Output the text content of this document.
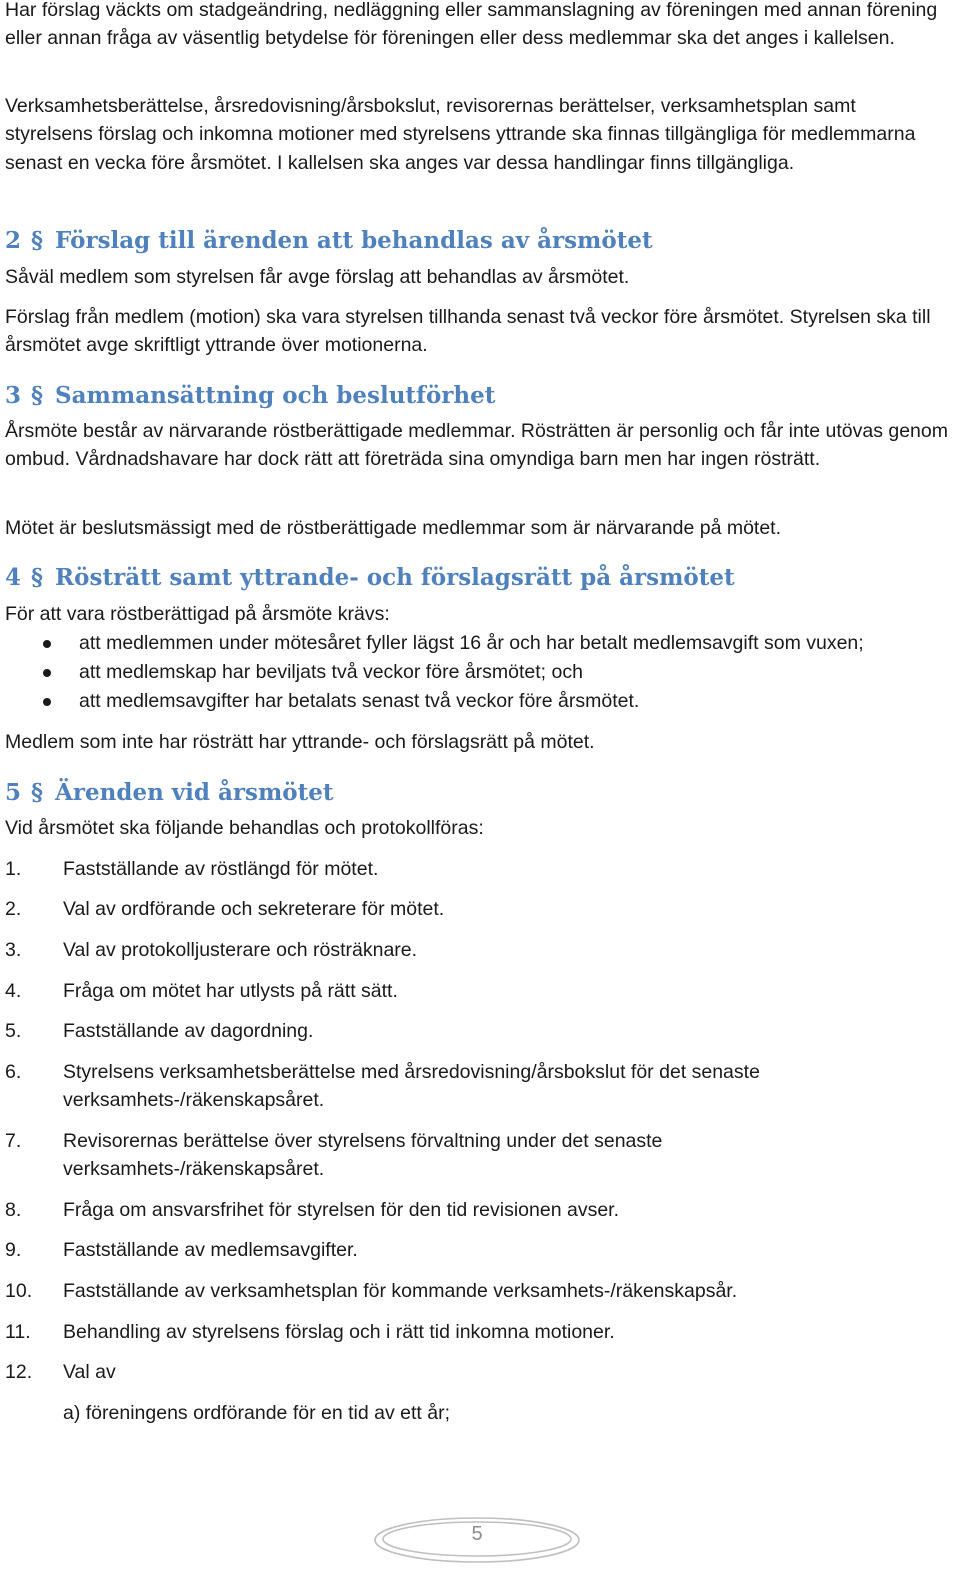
Har förslag väckts om stadgeändring, nedläggning eller sammanslagning av föreningen med annan förening eller annan fråga av väsentlig betydelse för föreningen eller dess medlemmar ska det anges i kallelsen.

Verksamhetsberättelse, årsredovisning/årsbokslut, revisorernas berättelser, verksamhetsplan samt styrelsens förslag och inkomna motioner med styrelsens yttrande ska finnas tillgängliga för medlemmarna senast en vecka före årsmötet. I kallelsen ska anges var dessa handlingar finns tillgängliga.

2 § Förslag till ärenden att behandlas av årsmötet

Såväl medlem som styrelsen får avge förslag att behandlas av årsmötet.

Förslag från medlem (motion) ska vara styrelsen tillhanda senast två veckor före årsmötet. Styrelsen ska till årsmötet avge skriftligt yttrande över motionerna.

3 § Sammansättning och beslutförhet

Årsmöte består av närvarande röstberättigade medlemmar. Rösträtten är personlig och får inte utövas genom ombud. Vårdnadshavare har dock rätt att företräda sina omyndiga barn men har ingen rösträtt.

Mötet är beslutsmässigt med de röstberättigade medlemmar som är närvarande på mötet.

4 § Rösträtt samt yttrande- och förslagsrätt på årsmötet

För att vara röstberättigad på årsmöte krävs:

att medlemmen under mötesåret fyller lägst 16 år och har betalt medlemsavgift som vuxen;
att medlemskap har beviljats två veckor före årsmötet; och
att medlemsavgifter har betalats senast två veckor före årsmötet.

Medlem som inte har rösträtt har yttrande- och förslagsrätt på mötet.

5 § Ärenden vid årsmötet

Vid årsmötet ska följande behandlas och protokollföras:

1. Fastställande av röstlängd för mötet.
2. Val av ordförande och sekreterare för mötet.
3. Val av protokolljusterare och rösträknare.
4. Fråga om mötet har utlysts på rätt sätt.
5. Fastställande av dagordning.
6. Styrelsens verksamhetsberättelse med årsredovisning/årsbokslut för det senaste verksamhets-/räkenskapsåret.
7. Revisorernas berättelse över styrelsens förvaltning under det senaste verksamhets-/räkenskapsåret.
8. Fråga om ansvarsfrihet för styrelsen för den tid revisionen avser.
9. Fastställande av medlemsavgifter.
10. Fastställande av verksamhetsplan för kommande verksamhets-/räkenskapsår.
11. Behandling av styrelsens förslag och i rätt tid inkomna motioner.
12. Val av

a) föreningens ordförande för en tid av ett år;

5
